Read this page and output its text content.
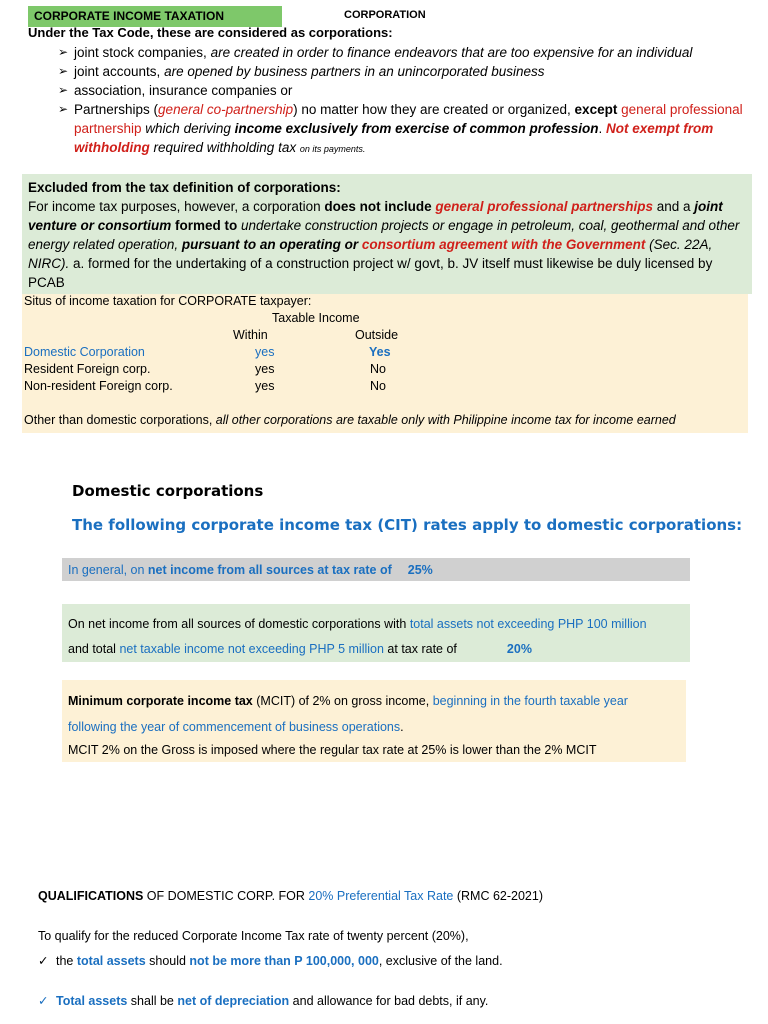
CORPORATE INCOME TAXATION	CORPORATION
Under the Tax Code, these are considered as corporations:
➢ joint stock companies, are created in order to finance endeavors that are too expensive for an individual
➢ joint accounts, are opened by business partners in an unincorporated business
➢ association, insurance companies or
➢ Partnerships (general co-partnership) no matter how they are created or organized, except general professional partnership which deriving income exclusively from exercise of common profession. Not exempt from withholding required withholding tax on its payments.
Excluded from the tax definition of corporations:
For income tax purposes, however, a corporation does not include general professional partnerships and a joint venture or consortium formed to undertake construction projects or engage in petroleum, coal, geothermal and other energy related operation, pursuant to an operating or consortium agreement with the Government (Sec. 22A, NIRC). a. formed for the undertaking of a construction project w/ govt, b. JV itself must likewise be duly licensed by PCAB
Situs of income taxation for CORPORATE taxpayer:
Taxable Income
Within	Outside
Domestic Corporation	yes	Yes
Resident Foreign corp.	yes	No
Non-resident Foreign corp.	yes	No
Other than domestic corporations, all other corporations are taxable only with Philippine income tax for income earned
Domestic corporations
The following corporate income tax (CIT) rates apply to domestic corporations:
In general, on net income from all sources at tax rate of 25%
On net income from all sources of domestic corporations with total assets not exceeding PHP 100 million
and total net taxable income not exceeding PHP 5 million at tax rate of	20%
Minimum corporate income tax (MCIT) of 2% on gross income, beginning in the fourth taxable year following the year of commencement of business operations.
MCIT 2% on the Gross is imposed where the regular tax rate at 25% is lower than the 2% MCIT
QUALIFICATIONS OF DOMESTIC CORP. FOR 20% Preferential Tax Rate (RMC 62-2021)
To qualify for the reduced Corporate Income Tax rate of twenty percent (20%),
✓ the total assets should not be more than P 100,000, 000, exclusive of the land.
✓ Total assets shall be net of depreciation and allowance for bad debts, if any.
